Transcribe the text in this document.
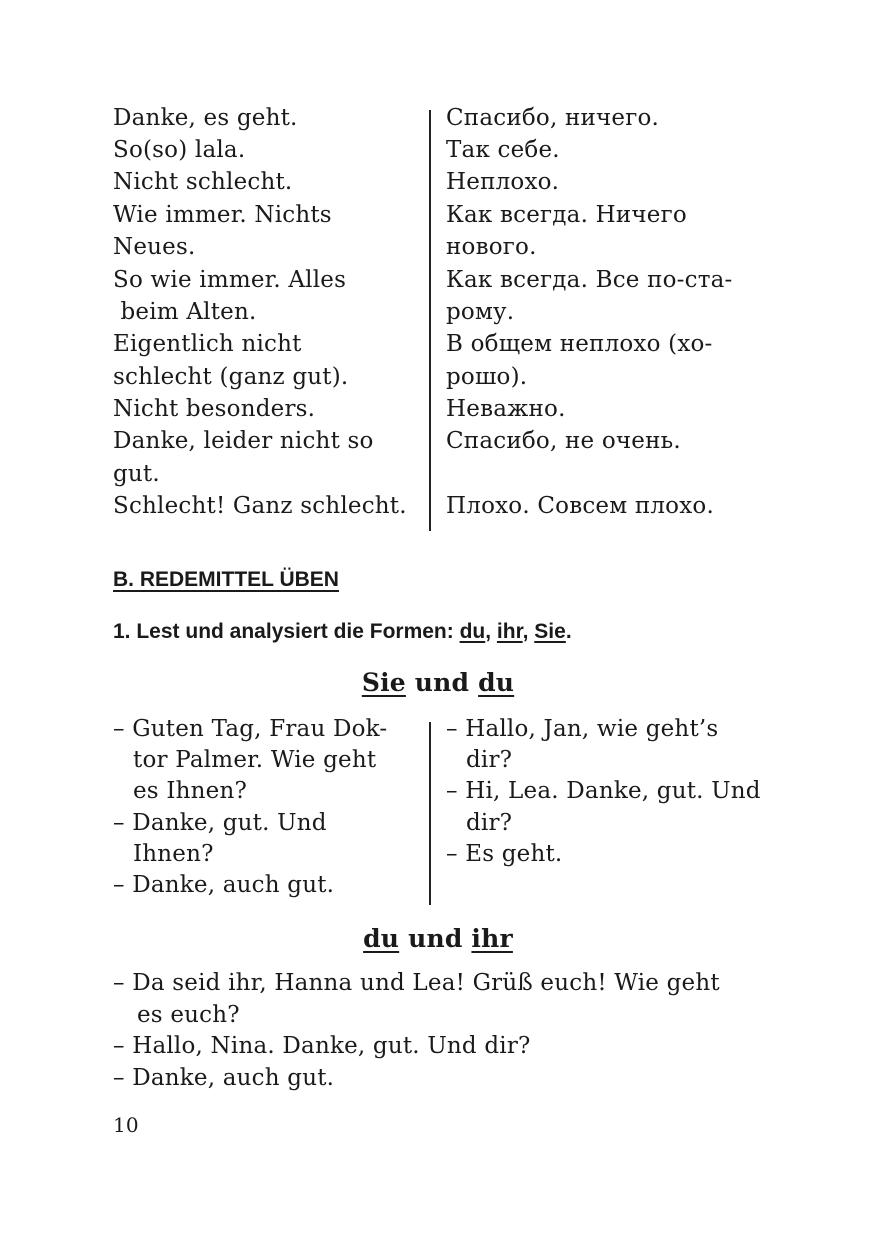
Danke, es geht.
So(so) lala.
Nicht schlecht.
Wie immer. Nichts
Neues.
So wie immer. Alles
beim Alten.
Eigentlich nicht
schlecht (ganz gut).
Nicht besonders.
Danke, leider nicht so
gut.
Schlecht! Ganz schlecht.
Спасибо, ничего.
Так себе.
Неплохо.
Как всегда. Ничего
нового.
Как всегда. Все по-ста-
рому.
В общем неплохо (хо-
рошо).
Неважно.
Спасибо, не очень.
Плохо. Совсем плохо.
B. REDEMITTEL ÜBEN
1. Lest und analysiert die Formen: du, ihr, Sie.
Sie und du
– Guten Tag, Frau Dok-
tor Palmer. Wie geht
es Ihnen?
– Danke, gut. Und
Ihnen?
– Danke, auch gut.
– Hallo, Jan, wie geht’s
dir?
– Hi, Lea. Danke, gut. Und
dir?
– Es geht.
du und ihr
– Da seid ihr, Hanna und Lea! Grüß euch! Wie geht
es euch?
– Hallo, Nina. Danke, gut. Und dir?
– Danke, auch gut.
10
